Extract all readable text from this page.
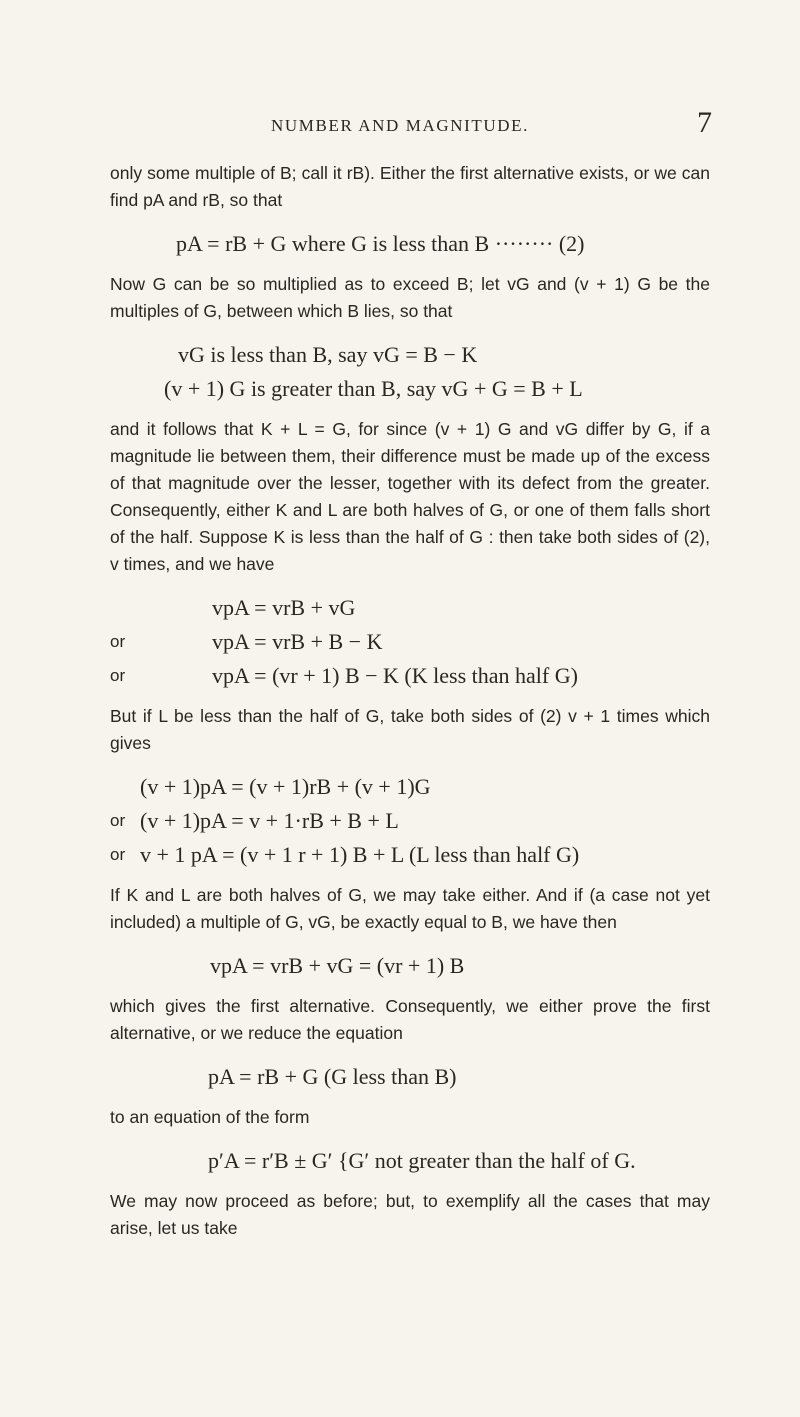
NUMBER AND MAGNITUDE.	7

only some multiple of B; call it rB). Either the first alternative exists, or we can find pA and rB, so that

pA = rB + G where G is less than B ········ (2)

Now G can be so multiplied as to exceed B; let vG and (v + 1) G be the multiples of G, between which B lies, so that

vG is less than B, say vG = B − K
(v + 1) G is greater than B, say vG + G = B + L

and it follows that K + L = G, for since (v + 1) G and vG differ by G, if a magnitude lie between them, their difference must be made up of the excess of that magnitude over the lesser, together with its defect from the greater. Consequently, either K and L are both halves of G, or one of them falls short of the half. Suppose K is less than the half of G : then take both sides of (2), v times, and we have

vpA = vrB + vG
or	vpA = vrB + B − K
or	vpA = (vr + 1) B − K (K less than half G)

But if L be less than the half of G, take both sides of (2) v + 1 times which gives

(v + 1)pA = (v + 1)rB + (v + 1)G
or (v + 1)pA = v + 1·rB + B + L
or v + 1 pA = (v + 1 r + 1) B + L (L less than half G)

If K and L are both halves of G, we may take either. And if (a case not yet included) a multiple of G, vG, be exactly equal to B, we have then

vpA = vrB + vG = (vr + 1) B

which gives the first alternative. Consequently, we either prove the first alternative, or we reduce the equation

pA = rB + G (G less than B)

to an equation of the form

p′A = r′B ± G′ {G′ not greater than the half of G.

We may now proceed as before; but, to exemplify all the cases that may arise, let us take
